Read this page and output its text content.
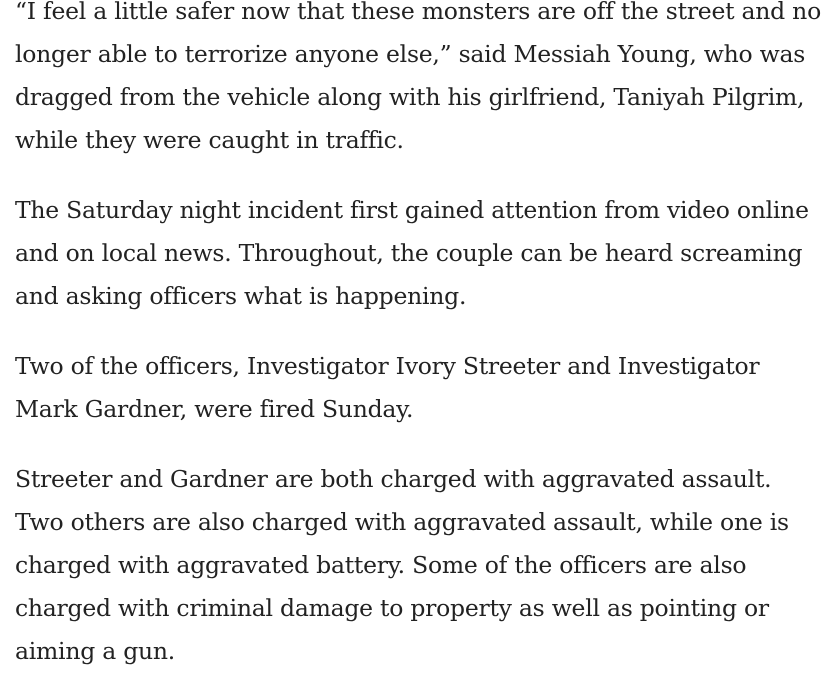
“I feel a little safer now that these monsters are off the street and no longer able to terrorize anyone else,” said Messiah Young, who was dragged from the vehicle along with his girlfriend, Taniyah Pilgrim, while they were caught in traffic.

The Saturday night incident first gained attention from video online and on local news. Throughout, the couple can be heard screaming and asking officers what is happening.

Two of the officers, Investigator Ivory Streeter and Investigator Mark Gardner, were fired Sunday.

Streeter and Gardner are both charged with aggravated assault. Two others are also charged with aggravated assault, while one is charged with aggravated battery. Some of the officers are also charged with criminal damage to property as well as pointing or aiming a gun.
